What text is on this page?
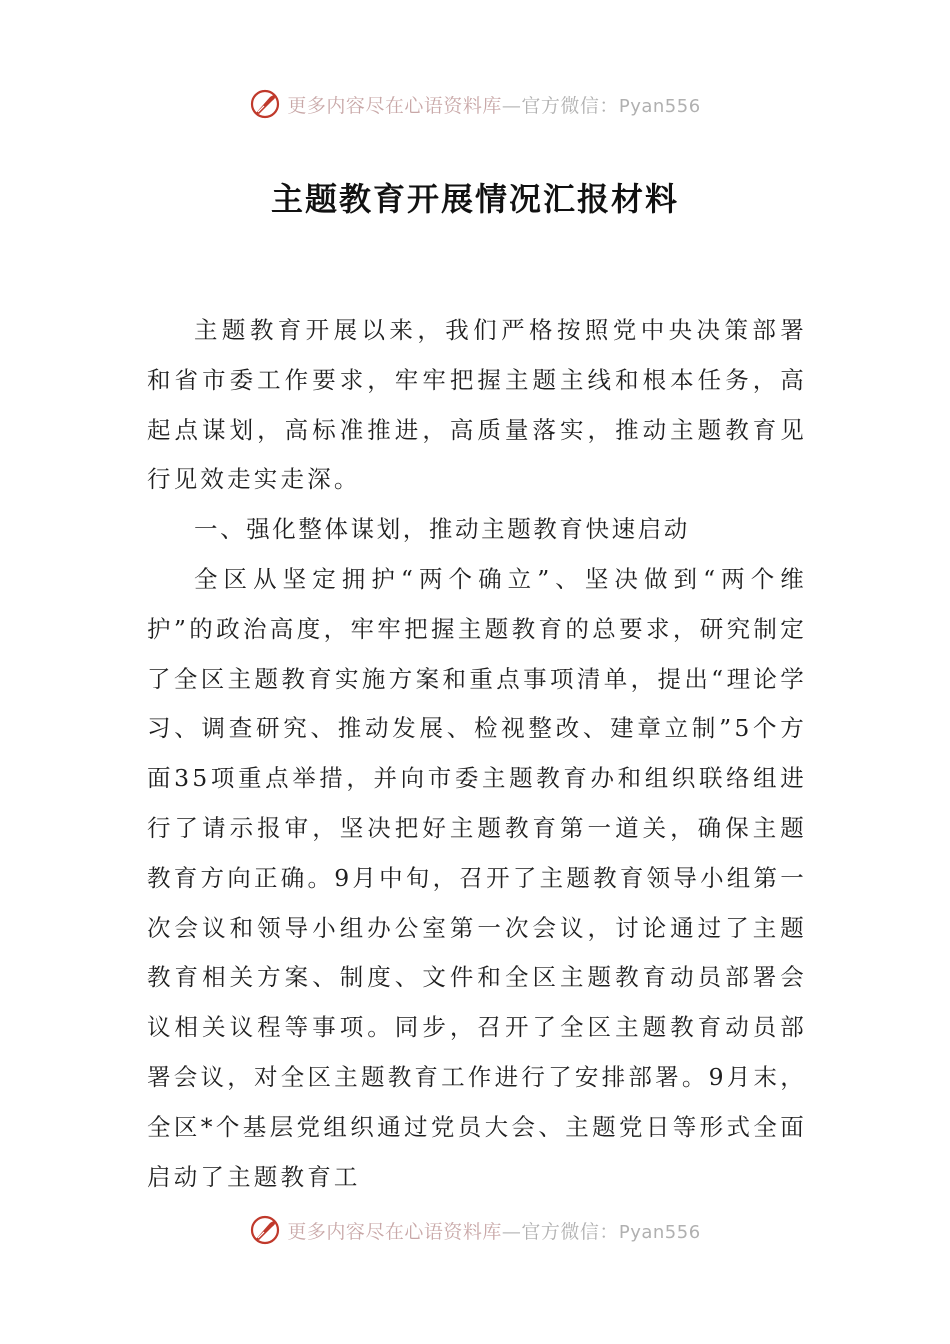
更多内容尽在心语资料库—官方微信：Pyan556
主题教育开展情况汇报材料

主题教育开展以来，我们严格按照党中央决策部署和省市委工作要求，牢牢把握主题主线和根本任务，高起点谋划，高标准推进，高质量落实，推动主题教育见行见效走实走深。

一、强化整体谋划，推动主题教育快速启动

全区从坚定拥护“两个确立”、坚决做到“两个维护”的政治高度，牢牢把握主题教育的总要求，研究制定了全区主题教育实施方案和重点事项清单，提出“理论学习、调查研究、推动发展、检视整改、建章立制”5个方面35项重点举措，并向市委主题教育办和组织联络组进行了请示报审，坚决把好主题教育第一道关，确保主题教育方向正确。9月中旬，召开了主题教育领导小组第一次会议和领导小组办公室第一次会议，讨论通过了主题教育相关方案、制度、文件和全区主题教育动员部署会议相关议程等事项。同步，召开了全区主题教育动员部署会议，对全区主题教育工作进行了安排部署。9月末，全区*个基层党组织通过党员大会、主题党日等形式全面启动了主题教育工

更多内容尽在心语资料库—官方微信：Pyan556
